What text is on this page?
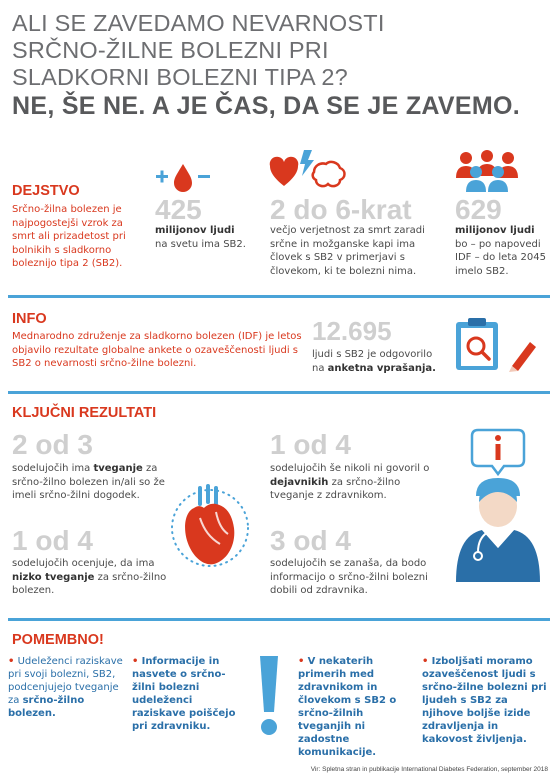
ALI SE ZAVEDAMO NEVARNOSTI
SRČNO-ŽILNE BOLEZNI PRI
SLADKORNI BOLEZNI TIPA 2?
NE, ŠE NE. A JE ČAS, DA SE JE ZAVEMO.
DEJSTVO
Srčno-žilna bolezen je najpogostejši vzrok za smrt ali prizadetost pri bolnikih s sladkorno boleznijo tipa 2 (SB2).
425
milijonov ljudi
na svetu ima SB2.
2 do 6-krat
večjo verjetnost za smrt zaradi srčne in možganske kapi ima človek s SB2 v primerjavi s človekom, ki te bolezni nima.
629
milijonov ljudi
bo – po napovedi IDF – do leta 2045 imelo SB2.
INFO
Mednarodno združenje za sladkorno bolezen (IDF) je letos objavilo rezultate globalne ankete o ozaveščenosti ljudi s SB2 o nevarnosti srčno-žilne bolezni.
12.695
ljudi s SB2 je odgovorilo
na anketna vprašanja.
KLJUČNI REZULTATI
2 od 3
sodelujočih ima tveganje za srčno-žilno bolezen in/ali so že imeli srčno-žilni dogodek.
1 od 4
sodelujočih še nikoli ni govoril o dejavnikih za srčno-žilno tveganje z zdravnikom.
1 od 4
sodelujočih ocenjuje, da ima nizko tveganje za srčno-žilno bolezen.
3 od 4
sodelujočih se zanaša, da bodo informacijo o srčno-žilni bolezni dobili od zdravnika.
POMEMBNO!
• Udeleženci raziskave pri svoji bolezni, SB2, podcenjujejo tveganje za srčno-žilno bolezen.
• Informacije in nasvete o srčno-žilni bolezni udeleženci raziskave poiščejo pri zdravniku.
• V nekaterih primerih med zdravnikom in človekom s SB2 o srčno-žilnih tveganjih ni zadostne komunikacije.
• Izboljšati moramo ozaveščenost ljudi s srčno-žilne bolezni pri ljudeh s SB2 za njihove boljše izide zdravljenja in kakovost življenja.
Vir: Spletna stran in publikacije International Diabetes Federation, september 2018
